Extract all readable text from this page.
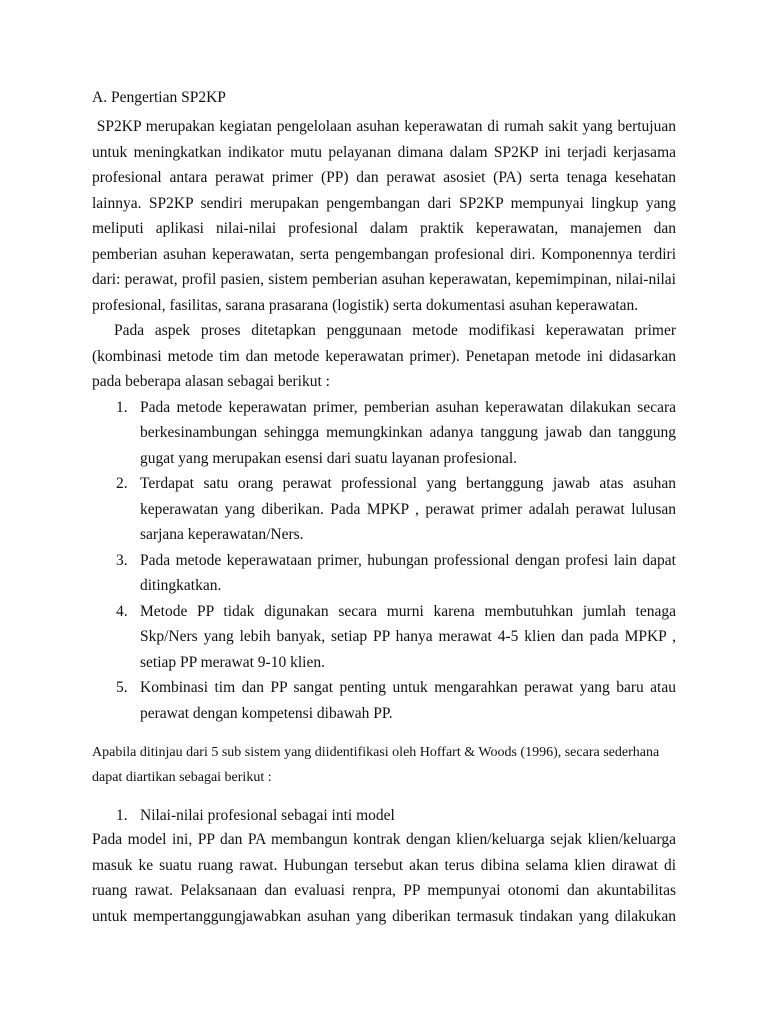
A. Pengertian SP2KP

SP2KP merupakan kegiatan pengelolaan asuhan keperawatan di rumah sakit yang bertujuan untuk meningkatkan indikator mutu pelayanan dimana dalam SP2KP ini terjadi kerjasama profesional antara perawat primer (PP) dan perawat asosiet (PA) serta tenaga kesehatan lainnya. SP2KP sendiri merupakan pengembangan dari SP2KP mempunyai lingkup yang meliputi aplikasi nilai-nilai profesional dalam praktik keperawatan, manajemen dan pemberian asuhan keperawatan, serta pengembangan profesional diri. Komponennya terdiri dari: perawat, profil pasien, sistem pemberian asuhan keperawatan, kepemimpinan, nilai-nilai profesional, fasilitas, sarana prasarana (logistik) serta dokumentasi asuhan keperawatan.

Pada aspek proses ditetapkan penggunaan metode modifikasi keperawatan primer (kombinasi metode tim dan metode keperawatan primer). Penetapan metode ini didasarkan pada beberapa alasan sebagai berikut :

1. Pada metode keperawatan primer, pemberian asuhan keperawatan dilakukan secara berkesinambungan sehingga memungkinkan adanya tanggung jawab dan tanggung gugat yang merupakan esensi dari suatu layanan profesional.
2. Terdapat satu orang perawat professional yang bertanggung jawab atas asuhan keperawatan yang diberikan. Pada MPKP , perawat primer adalah perawat lulusan sarjana keperawatan/Ners.
3. Pada metode keperawataan primer, hubungan professional dengan profesi lain dapat ditingkatkan.
4. Metode PP tidak digunakan secara murni karena membutuhkan jumlah tenaga Skp/Ners yang lebih banyak, setiap PP hanya merawat 4-5 klien dan pada MPKP , setiap PP merawat 9-10 klien.
5. Kombinasi tim dan PP sangat penting untuk mengarahkan perawat yang baru atau perawat dengan kompetensi dibawah PP.

Apabila ditinjau dari 5 sub sistem yang diidentifikasi oleh Hoffart & Woods (1996), secara sederhana dapat diartikan sebagai berikut :

1. Nilai-nilai profesional sebagai inti model

Pada model ini, PP dan PA membangun kontrak dengan klien/keluarga sejak klien/keluarga masuk ke suatu ruang rawat. Hubungan tersebut akan terus dibina selama klien dirawat di ruang rawat. Pelaksanaan dan evaluasi renpra, PP mempunyai otonomi dan akuntabilitas untuk mempertanggungjawabkan asuhan yang diberikan termasuk tindakan yang dilakukan
